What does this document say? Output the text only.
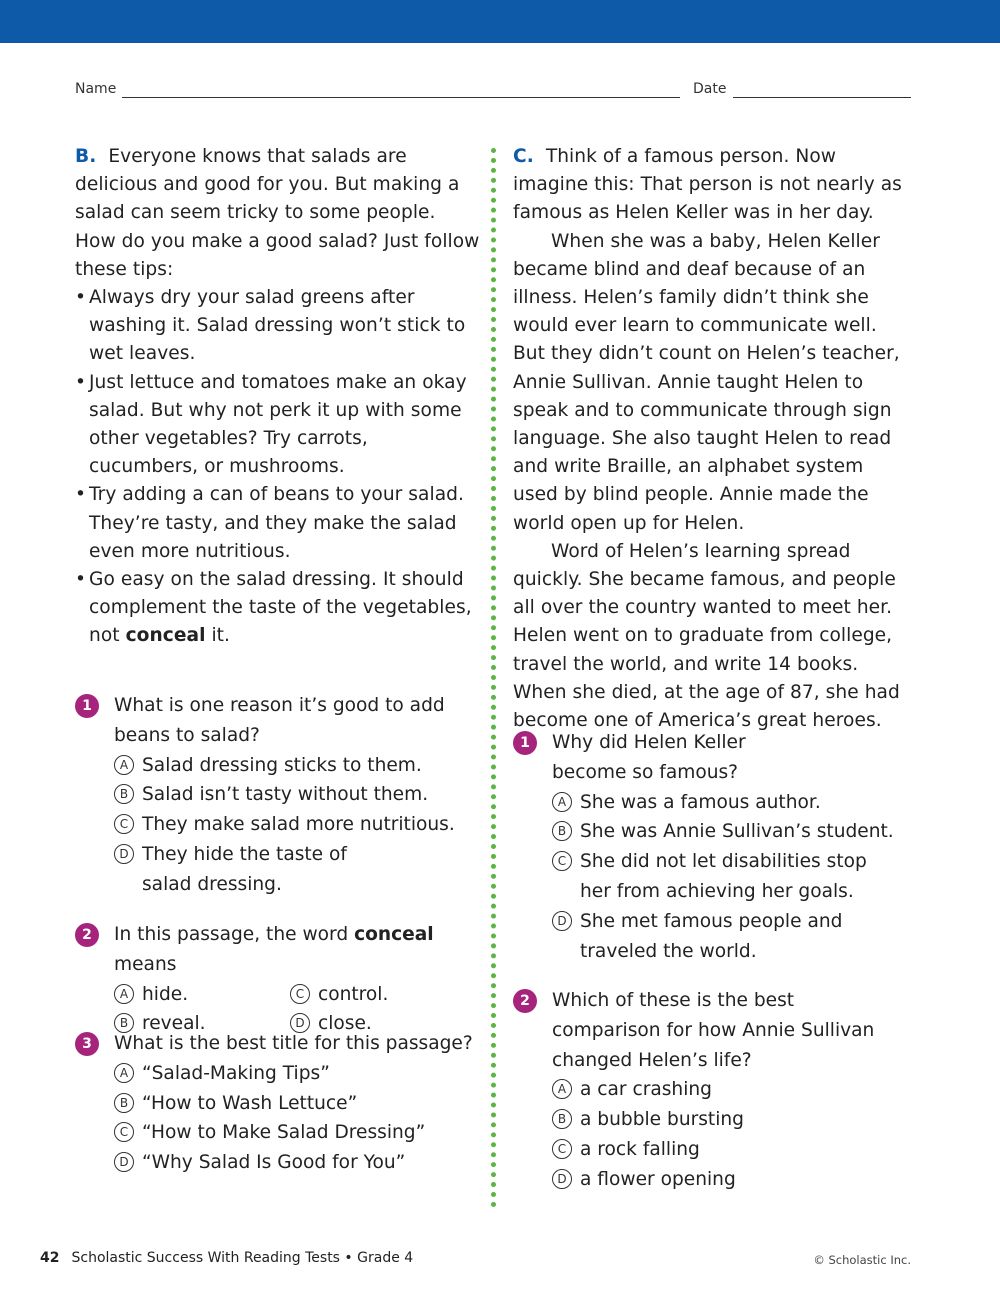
Name	Date

B. Everyone knows that salads are delicious and good for you. But making a salad can seem tricky to some people. How do you make a good salad? Just follow these tips:

• Always dry your salad greens after washing it. Salad dressing won’t stick to wet leaves.
• Just lettuce and tomatoes make an okay salad. But why not perk it up with some other vegetables? Try carrots, cucumbers, or mushrooms.
• Try adding a can of beans to your salad. They’re tasty, and they make the salad even more nutritious.
• Go easy on the salad dressing. It should complement the taste of the vegetables, not conceal it.
1	What is one reason it’s good to add beans to salad?
A Salad dressing sticks to them.
B Salad isn’t tasty without them.
C They make salad more nutritious.
D They hide the taste of salad dressing.
2	In this passage, the word conceal means
A hide.	C control.
B reveal.	D close.
3	What is the best title for this passage?
A “Salad-Making Tips”
B “How to Wash Lettuce”
C “How to Make Salad Dressing”
D “Why Salad Is Good for You”

C. Think of a famous person. Now imagine this: That person is not nearly as famous as Helen Keller was in her day.

When she was a baby, Helen Keller became blind and deaf because of an illness. Helen’s family didn’t think she would ever learn to communicate well. But they didn’t count on Helen’s teacher, Annie Sullivan. Annie taught Helen to speak and to communicate through sign language. She also taught Helen to read and write Braille, an alphabet system used by blind people. Annie made the world open up for Helen.

Word of Helen’s learning spread quickly. She became famous, and people all over the country wanted to meet her. Helen went on to graduate from college, travel the world, and write 14 books. When she died, at the age of 87, she had become one of America’s great heroes.

1	Why did Helen Keller become so famous?
A She was a famous author.
B She was Annie Sullivan’s student.
C She did not let disabilities stop her from achieving her goals.
D She met famous people and traveled the world.
2	Which of these is the best comparison for how Annie Sullivan changed Helen’s life?
A a car crashing
B a bubble bursting
C a rock falling
D a flower opening
42 Scholastic Success With Reading Tests • Grade 4	© Scholastic Inc.
